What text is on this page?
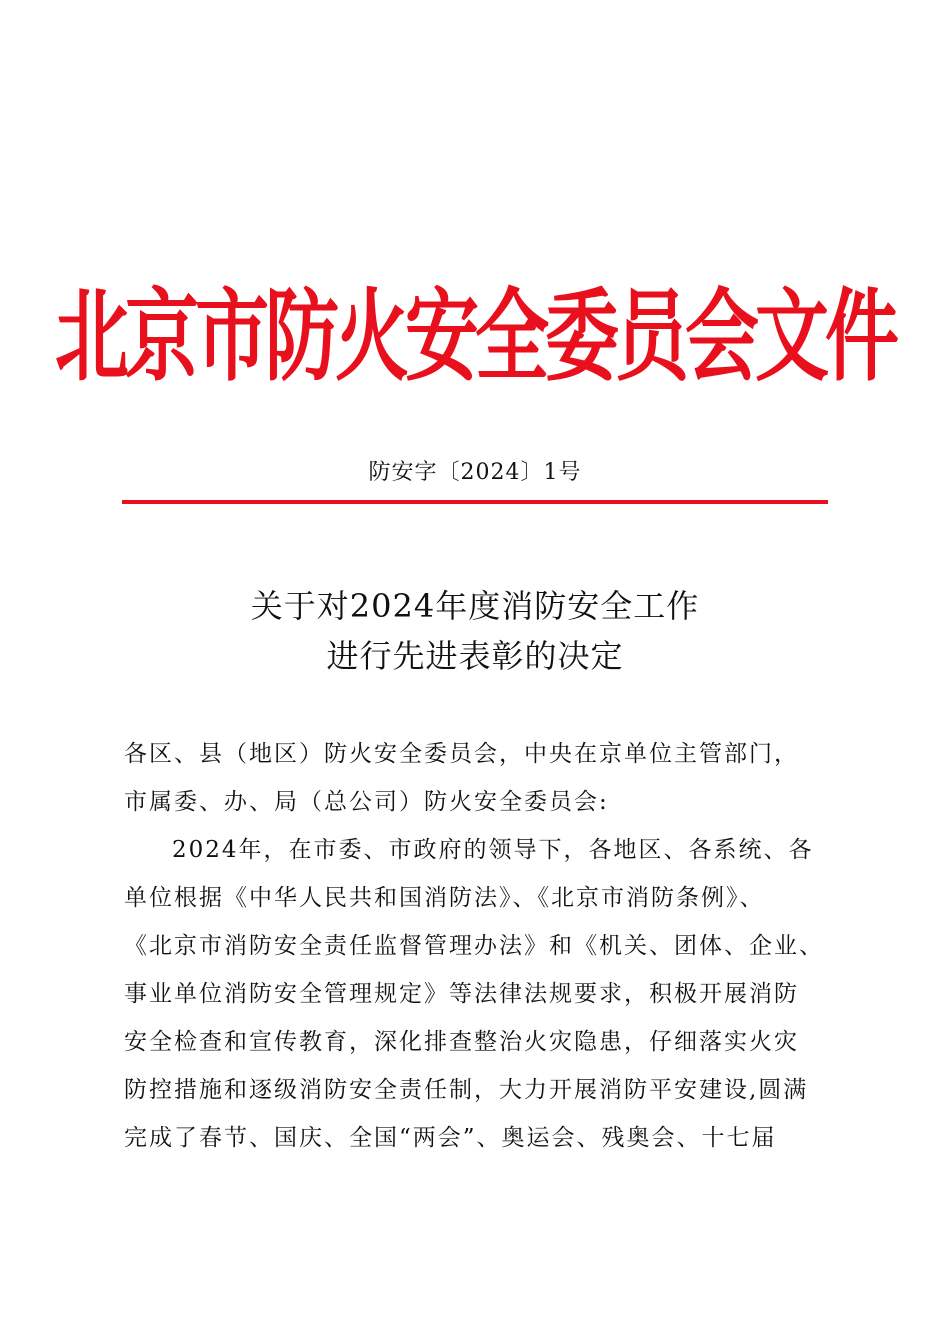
北京市防火安全委员会文件
防安字〔2024〕1号
关于对2024年度消防安全工作
进行先进表彰的决定
各区、县（地区）防火安全委员会，中央在京单位主管部门，
市属委、办、局（总公司）防火安全委员会:
2024年，在市委、市政府的领导下，各地区、各系统、各
单位根据《中华人民共和国消防法》、《北京市消防条例》、
《北京市消防安全责任监督管理办法》和《机关、团体、企业、
事业单位消防安全管理规定》等法律法规要求，积极开展消防
安全检查和宣传教育，深化排查整治火灾隐患，仔细落实火灾
防控措施和逐级消防安全责任制，大力开展消防平安建设,圆满
完成了春节、国庆、全国“两会”、奥运会、残奥会、十七届
